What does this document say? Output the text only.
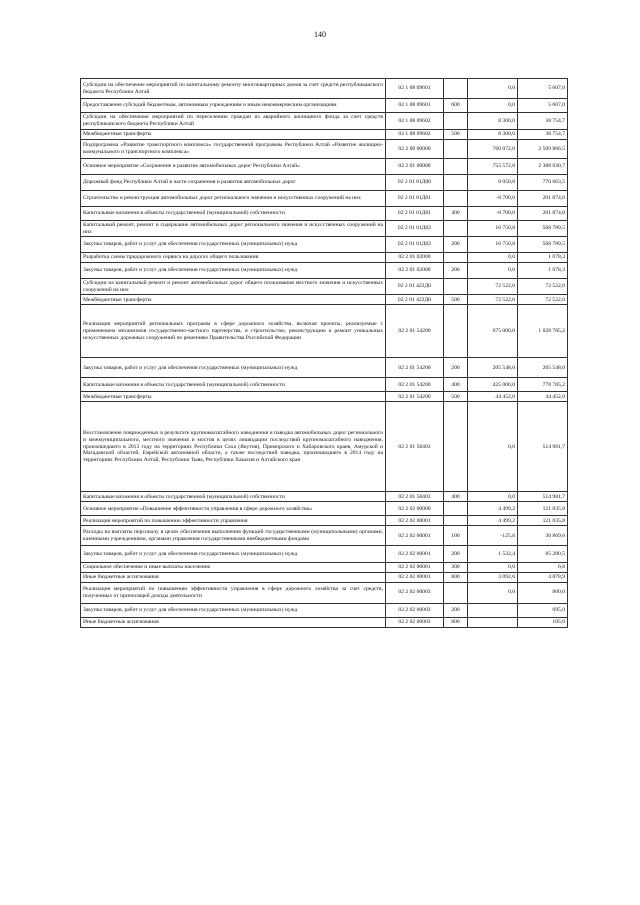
140
Субсидии на обеспечение мероприятий по капитальному ремонту многоквартирных домов за счет средств республиканского бюджета Республики Алтай	02 1 08 09601		0,0	5 607,0
Предоставление субсидий бюджетным, автономным учреждениям и иным некоммерческим организациям	02 1 08 09601	600	0,0	5 607,0
Субсидии на обеспечение мероприятий по переселению граждан из аварийного жилищного фонда за счет средств республиканского бюджета Республики Алтай	02 1 08 09602		8 300,0	38 754,7
Межбюджетные трансферты	02 1 08 09602	500	8 300,0	38 754,7
Подпрограмма «Развитие транспортного комплекса» государственной программы Республики Алтай «Развитие жилищно-коммунального и транспортного комплекса»	02 2 00 00000		760 072,0	2 509 866,5
Основное мероприятие «Сохранение и развитие автомобильных дорог Республики Алтай»	02 2 01 00000		755 572,8	2 388 030,7
Дорожный фонд Республики Алтай в части сохранения и развития автомобильных дорог	02 2 01 01Д00		8 050,8	770 663,5
Строительство и реконструкция автомобильных дорог регионального значения и искусственных сооружений на них	02 2 01 01Д01		-8 700,0	201 874,0
Капитальные вложения в объекты государственной (муниципальной) собственности	02 2 01 01Д01	400	-8 700,0	201 874,0
Капитальный ремонт, ремонт и содержание автомобильных дорог регионального значения и искусственных сооружений на них	02 2 01 01Д02		16 750,8	568 789,5
Закупка товаров, работ и услуг для обеспечения государственных (муниципальных) нужд	02 2 01 01Д02	200	16 750,8	568 789,5
Разработка схемы придорожного сервиса на дорогах общего пользования	02 2 01 02000		0,0	1 078,3
Закупка товаров, работ и услуг для обеспечения государственных (муниципальных) нужд	02 2 01 02000	200	0,0	1 078,3
Субсидии на капитальный ремонт и ремонт автомобильных дорог общего пользования местного значения и искусственных сооружений на них	02 2 01 422Д0		72 522,0	72 522,0
Межбюджетные трансферты	02 2 01 422Д0	500	72 522,0	72 522,0
Реализация мероприятий региональных программ в сфере дорожного хозяйства, включая проекты, реализуемые с применением механизмов государственно-частного партнерства, и строительство, реконструкцию и ремонт уникальных искусственных дорожных сооружений по решениям Правительства Российской Федерации	02 2 01 54200		675 000,0	1 028 785,2
Закупка товаров, работ и услуг для обеспечения государственных (муниципальных) нужд	02 2 01 54200	200	205 548,0	205 548,0
Капитальные вложения в объекты государственной (муниципальной) собственности	02 2 01 54200	400	425 000,0	778 785,2
Межбюджетные трансферты	02 2 01 54200	500	44 452,0	44 452,0
Восстановление поврежденных в результате крупномасштабного наводнения и паводка автомобильных дорог регионального и межмуниципального, местного значения и мостов в целях ликвидации последствий крупномасштабного наводнения, произошедшего в 2013 году на территориях Республики Саха (Якутия), Приморского и Хабаровского краев, Амурской и Магаданской областей, Еврейской автономной области, а также последствий паводка, произошедшего в 2014 году на территориях Республики Алтай, Республики Тыва, Республики Хакасия и Алтайского края	02 2 01 58403		0,0	514 981,7
Капитальные вложения в объекты государственной (муниципальной) собственности	02 2 01 58403	400	0,0	514 981,7
Основное мероприятие «Повышение эффективности управления в сфере дорожного хозяйства»	02 2 02 00000		4 499,2	121 835,8
Реализация мероприятий по повышению эффективности управления	02 2 02 00001		4 499,2	121 035,8
Расходы на выплаты персоналу в целях обеспечения выполнения функций государственными (муниципальными) органами, казенными учреждениями, органами управления государственными внебюджетными фондами	02 2 02 00001	100	-125,8	30 869,6
Закупка товаров, работ и услуг для обеспечения государственных (муниципальных) нужд	02 2 02 00001	200	1 532,4	85 280,5
Социальное обеспечение и иные выплаты населению	02 2 02 00001	300	0,0	6,8
Иные бюджетные ассигнования	02 2 02 00001	800	3 092,6	4 878,9
Реализация мероприятий по повышению эффективности управления в сфере дорожного хозяйства за счет средств, полученных от приносящей доходы деятельности	02 2 02 00003		0,0	800,0
Закупка товаров, работ и услуг для обеспечения государственных (муниципальных) нужд	02 2 02 00003	200		695,0
Иные бюджетные ассигнования	02 2 02 00003	800		105,0
